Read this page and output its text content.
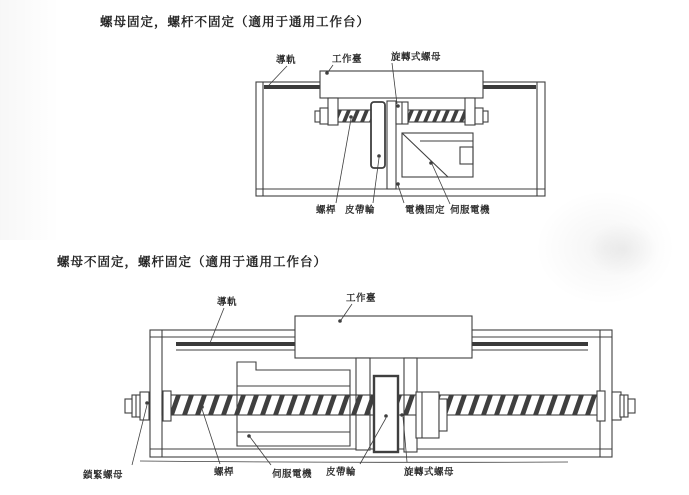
螺母固定，螺杆不固定（適用于通用工作台）
螺母不固定，螺杆固定（適用于通用工作台）
導軌	工作臺	旋轉式螺母
螺桿 皮帶輪	電機固定 伺服電機
導軌	工作臺
鎖緊螺母	螺桿	伺服電機 皮帶輪	旋轉式螺母
